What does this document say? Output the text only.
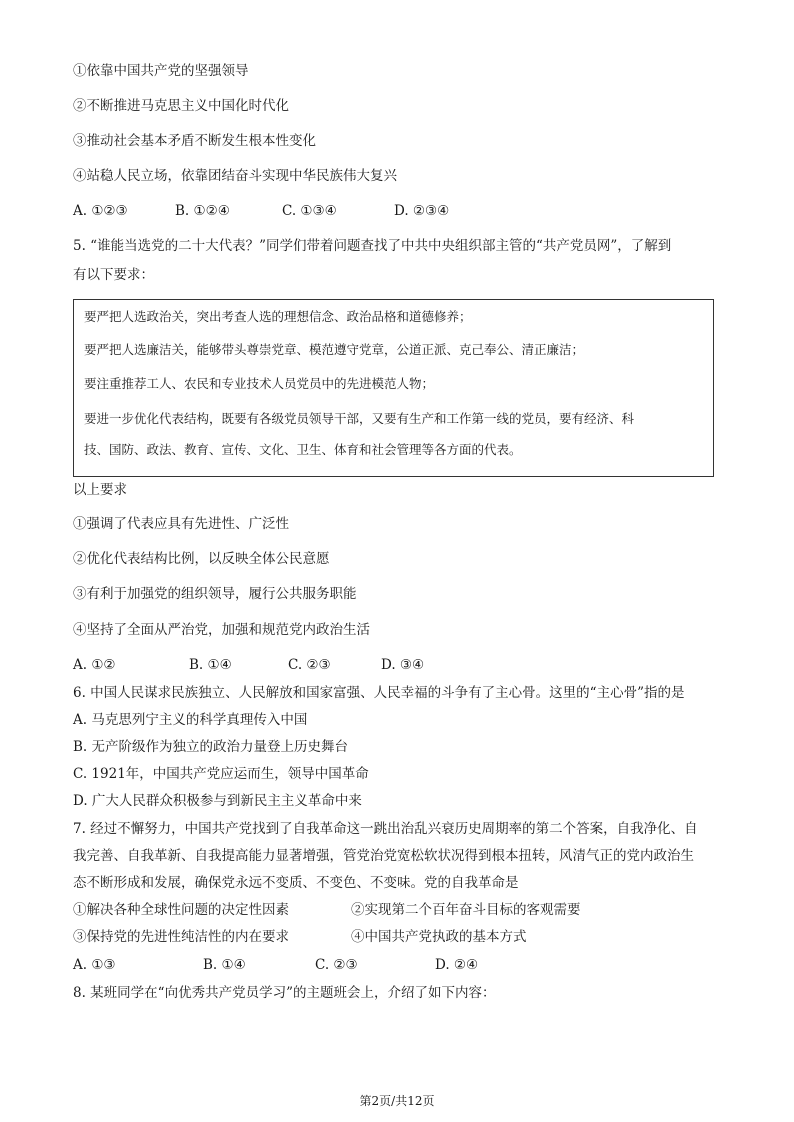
①依靠中国共产党的坚强领导
②不断推进马克思主义中国化时代化
③推动社会基本矛盾不断发生根本性变化
④站稳人民立场，依靠团结奋斗实现中华民族伟大复兴
A. ①②③	B. ①②④	C. ①③④	D. ②③④
5. “谁能当选党的二十大代表？”同学们带着问题查找了中共中央组织部主管的“共产党员网”，了解到
有以下要求：
要严把人选政治关，突出考查人选的理想信念、政治品格和道德修养；
要严把人选廉洁关，能够带头尊崇党章、模范遵守党章，公道正派、克己奉公、清正廉洁；
要注重推荐工人、农民和专业技术人员党员中的先进模范人物；
要进一步优化代表结构，既要有各级党员领导干部，又要有生产和工作第一线的党员，要有经济、科
技、国防、政法、教育、宣传、文化、卫生、体育和社会管理等各方面的代表。
以上要求
①强调了代表应具有先进性、广泛性
②优化代表结构比例，以反映全体公民意愿
③有利于加强党的组织领导，履行公共服务职能
④坚持了全面从严治党，加强和规范党内政治生活
A. ①②	B. ①④	C. ②③	D. ③④
6. 中国人民谋求民族独立、人民解放和国家富强、人民幸福的斗争有了主心骨。这里的“主心骨”指的是
A. 马克思列宁主义的科学真理传入中国
B. 无产阶级作为独立的政治力量登上历史舞台
C. 1921年，中国共产党应运而生，领导中国革命
D. 广大人民群众积极参与到新民主主义革命中来
7. 经过不懈努力，中国共产党找到了自我革命这一跳出治乱兴衰历史周期率的第二个答案，自我净化、自
我完善、自我革新、自我提高能力显著增强，管党治党宽松软状况得到根本扭转，风清气正的党内政治生
态不断形成和发展，确保党永远不变质、不变色、不变味。党的自我革命是
①解决各种全球性问题的决定性因素	②实现第二个百年奋斗目标的客观需要
③保持党的先进性纯洁性的内在要求	④中国共产党执政的基本方式
A. ①③	B. ①④	C. ②③	D. ②④
8. 某班同学在“向优秀共产党员学习”的主题班会上，介绍了如下内容：
第2页/共12页
